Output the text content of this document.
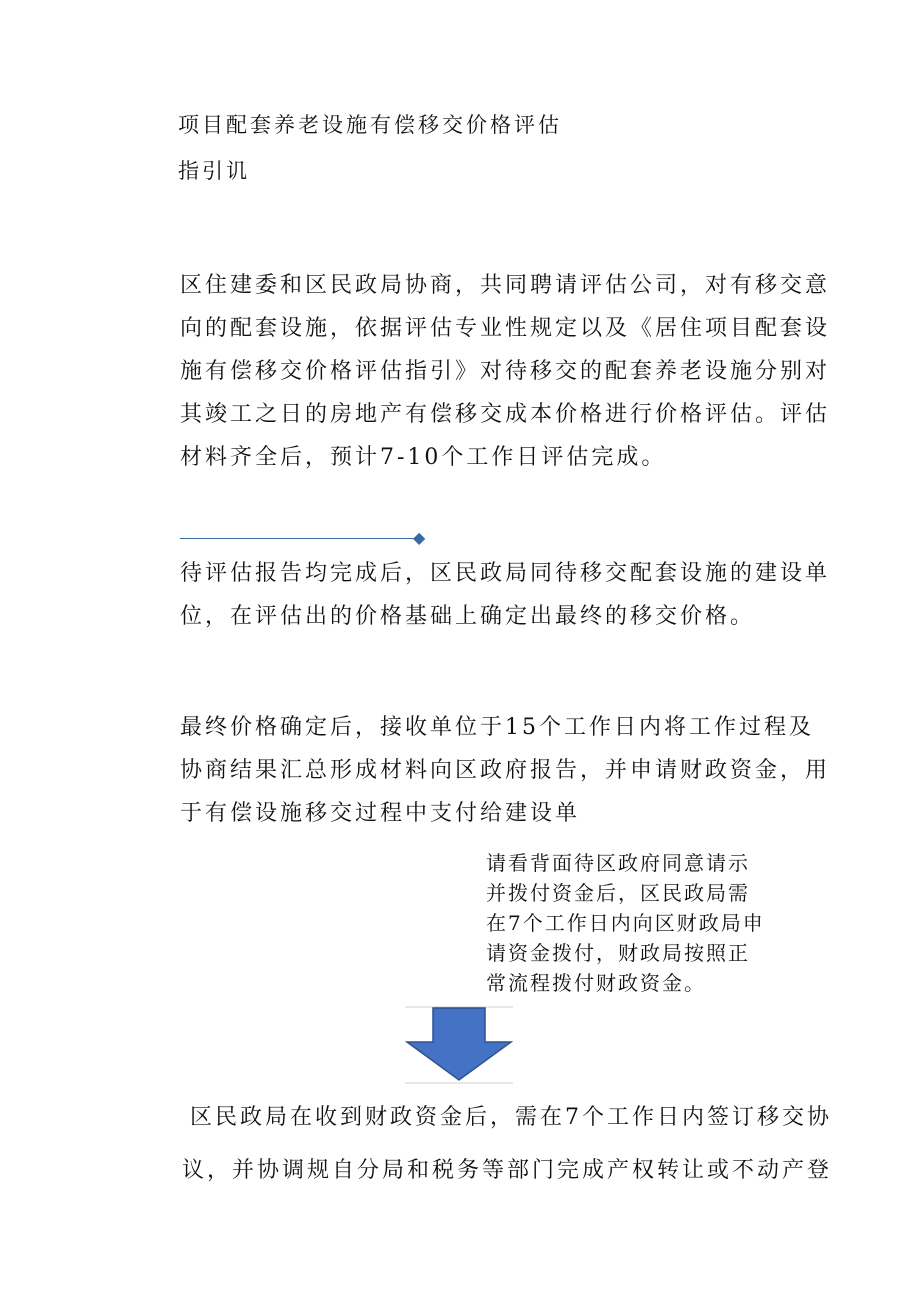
项目配套养老设施有偿移交价格评估
指引讥
区住建委和区民政局协商，共同聘请评估公司，对有移交意
向的配套设施，依据评估专业性规定以及《居住项目配套设
施有偿移交价格评估指引》对待移交的配套养老设施分别对
其竣工之日的房地产有偿移交成本价格进行价格评估。评估
材料齐全后，预计7-10个工作日评估完成。
◆
待评估报告均完成后，区民政局同待移交配套设施的建设单
位，在评估出的价格基础上确定出最终的移交价格。
最终价格确定后，接收单位于15个工作日内将工作过程及
协商结果汇总形成材料向区政府报告，并申请财政资金，用
于有偿设施移交过程中支付给建设单
请看背面待区政府同意请示
并拨付资金后，区民政局需
在7个工作日内向区财政局申
请资金拨付，财政局按照正
常流程拨付财政资金。
区民政局在收到财政资金后，需在7个工作日内签订移交协
议，并协调规自分局和税务等部门完成产权转让或不动产登
